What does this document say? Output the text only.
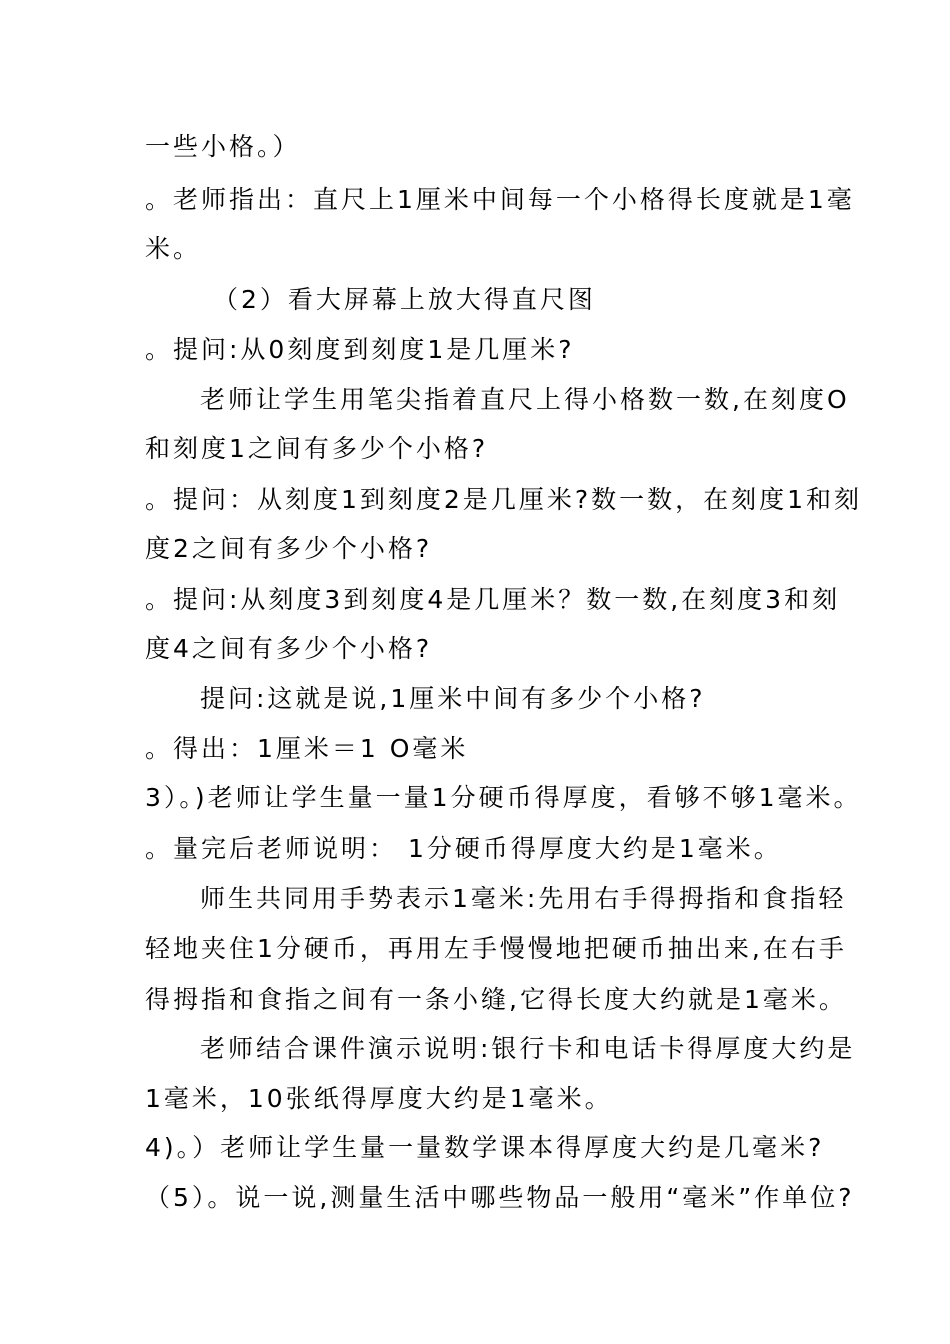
一些小格。）
。老师指出：直尺上1厘米中间每一个小格得长度就是1毫
米。
（2）看大屏幕上放大得直尺图
。提问:从0刻度到刻度1是几厘米?
老师让学生用笔尖指着直尺上得小格数一数,在刻度O
和刻度1之间有多少个小格?
。提问：从刻度1到刻度2是几厘米?数一数，在刻度1和刻
度2之间有多少个小格?
。提问:从刻度3到刻度4是几厘米？数一数,在刻度3和刻
度4之间有多少个小格?
提问:这就是说,1厘米中间有多少个小格?
。得出：1厘米＝1 O毫米
3）。)老师让学生量一量1分硬币得厚度，看够不够1毫米。
。量完后老师说明： 1分硬币得厚度大约是1毫米。
师生共同用手势表示1毫米:先用右手得拇指和食指轻
轻地夹住1分硬币，再用左手慢慢地把硬币抽出来,在右手
得拇指和食指之间有一条小缝,它得长度大约就是1毫米。
老师结合课件演示说明:银行卡和电话卡得厚度大约是
1毫米，10张纸得厚度大约是1毫米。
4)。）老师让学生量一量数学课本得厚度大约是几毫米?
（5）。说一说,测量生活中哪些物品一般用“毫米”作单位?
